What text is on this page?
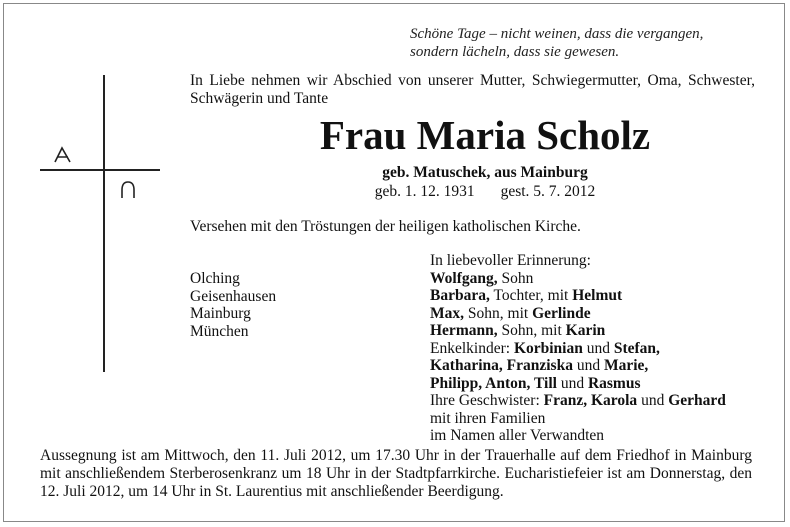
Schöne Tage – nicht weinen, dass die vergangen,
sondern lächeln, dass sie gewesen.
In Liebe nehmen wir Abschied von unserer Mutter, Schwiegermutter, Oma, Schwester, Schwägerin und Tante
Frau Maria Scholz
geb. Matuschek, aus Mainburg
geb. 1. 12. 1931 gest. 5. 7. 2012
Versehen mit den Tröstungen der heiligen katholischen Kirche.
Olching
Geisenhausen
Mainburg
München
In liebevoller Erinnerung:
Wolfgang, Sohn
Barbara, Tochter, mit Helmut
Max, Sohn, mit Gerlinde
Hermann, Sohn, mit Karin
Enkelkinder: Korbinian und Stefan,
Katharina, Franziska und Marie,
Philipp, Anton, Till und Rasmus
Ihre Geschwister: Franz, Karola und Gerhard
mit ihren Familien
im Namen aller Verwandten
Aussegnung ist am Mittwoch, den 11. Juli 2012, um 17.30 Uhr in der Trauerhalle auf dem Friedhof in Mainburg mit anschließendem Sterberosenkranz um 18 Uhr in der Stadtpfarrkirche. Eucharistiefeier ist am Donnerstag, den 12. Juli 2012, um 14 Uhr in St. Laurentius mit anschließender Beerdigung.
